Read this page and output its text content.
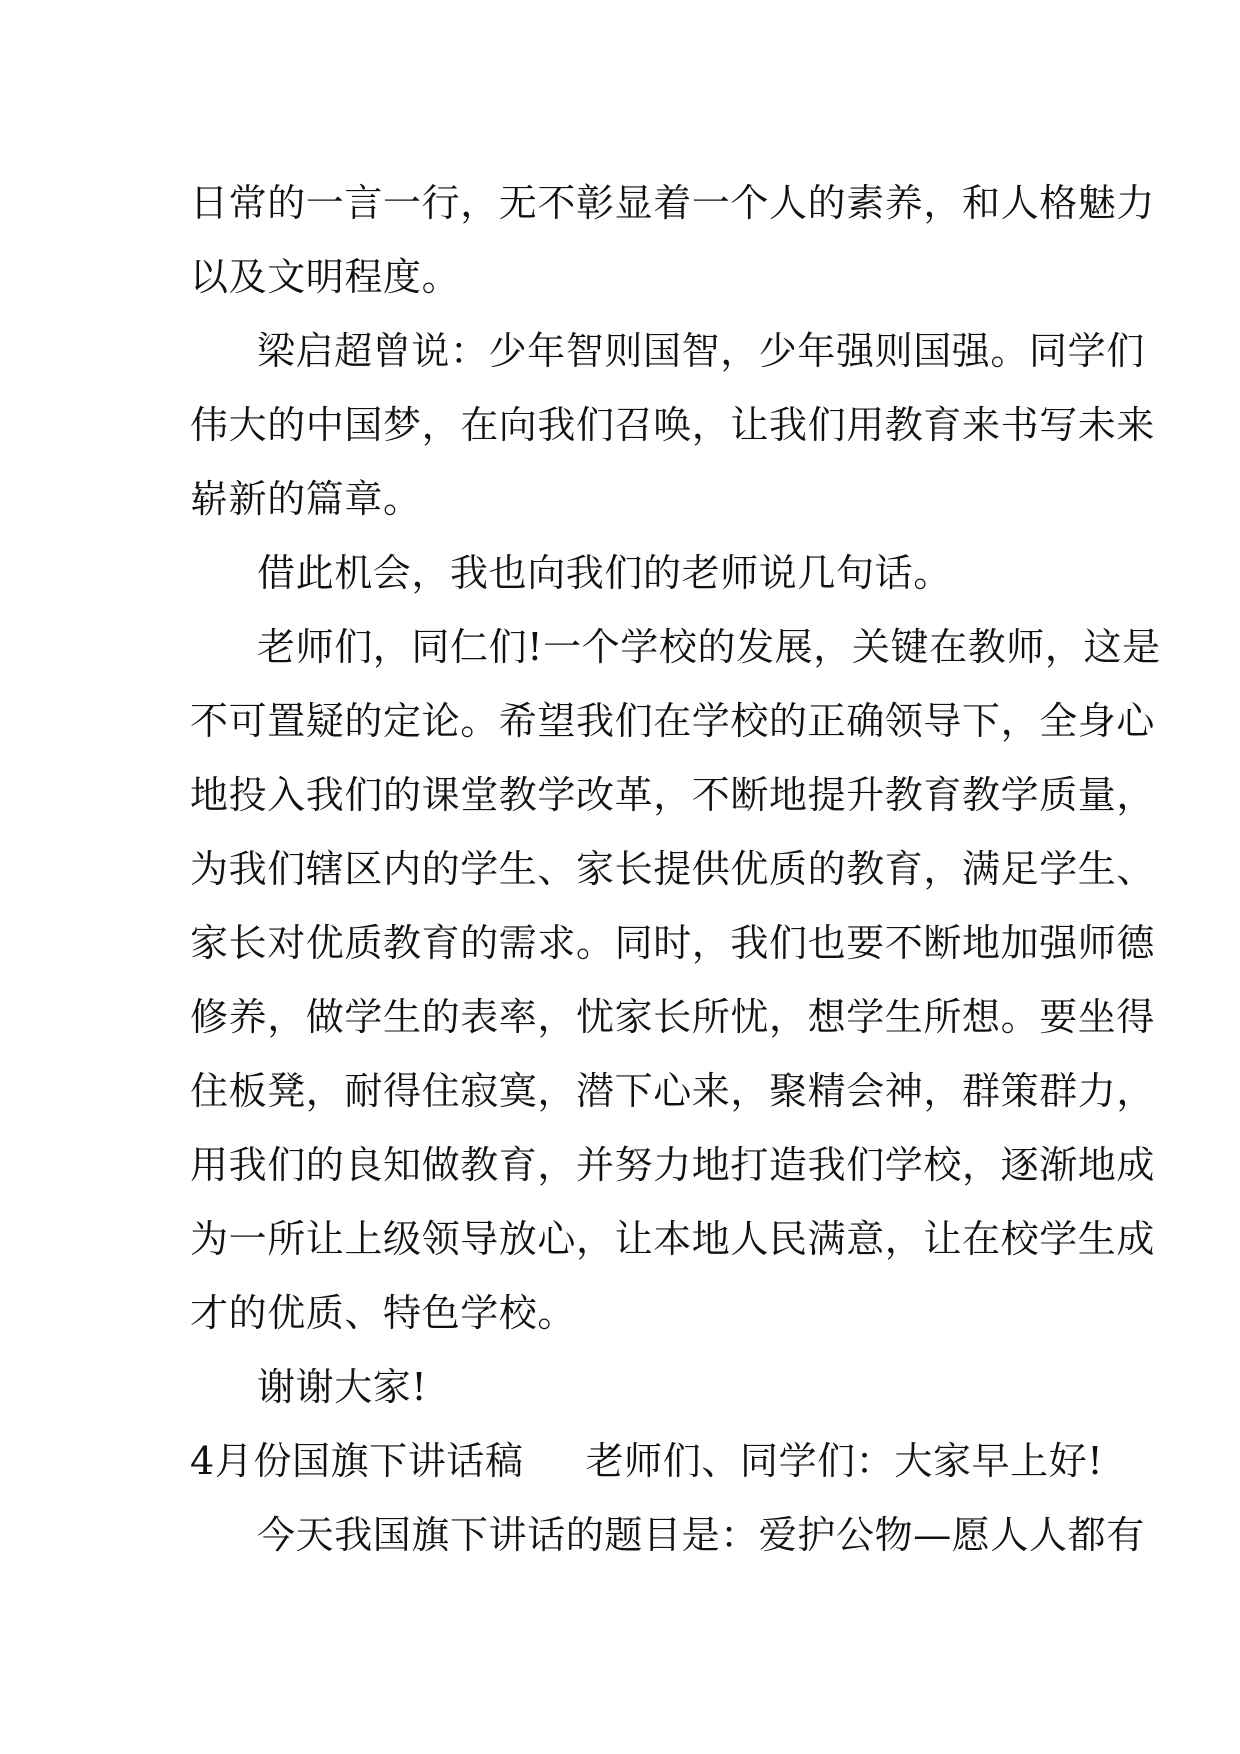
日常的一言一行，无不彰显着一个人的素养，和人格魅力
以及文明程度。
梁启超曾说：少年智则国智，少年强则国强。同学们
伟大的中国梦，在向我们召唤，让我们用教育来书写未来
崭新的篇章。
借此机会，我也向我们的老师说几句话。
老师们，同仁们!一个学校的发展，关键在教师，这是
不可置疑的定论。希望我们在学校的正确领导下，全身心
地投入我们的课堂教学改革，不断地提升教育教学质量，
为我们辖区内的学生、家长提供优质的教育，满足学生、
家长对优质教育的需求。同时，我们也要不断地加强师德
修养，做学生的表率，忧家长所忧，想学生所想。要坐得
住板凳，耐得住寂寞，潜下心来，聚精会神，群策群力，
用我们的良知做教育，并努力地打造我们学校，逐渐地成
为一所让上级领导放心，让本地人民满意，让在校学生成
才的优质、特色学校。
谢谢大家!
4月份国旗下讲话稿 老师们、同学们：大家早上好!
今天我国旗下讲话的题目是：爱护公物—愿人人都有
